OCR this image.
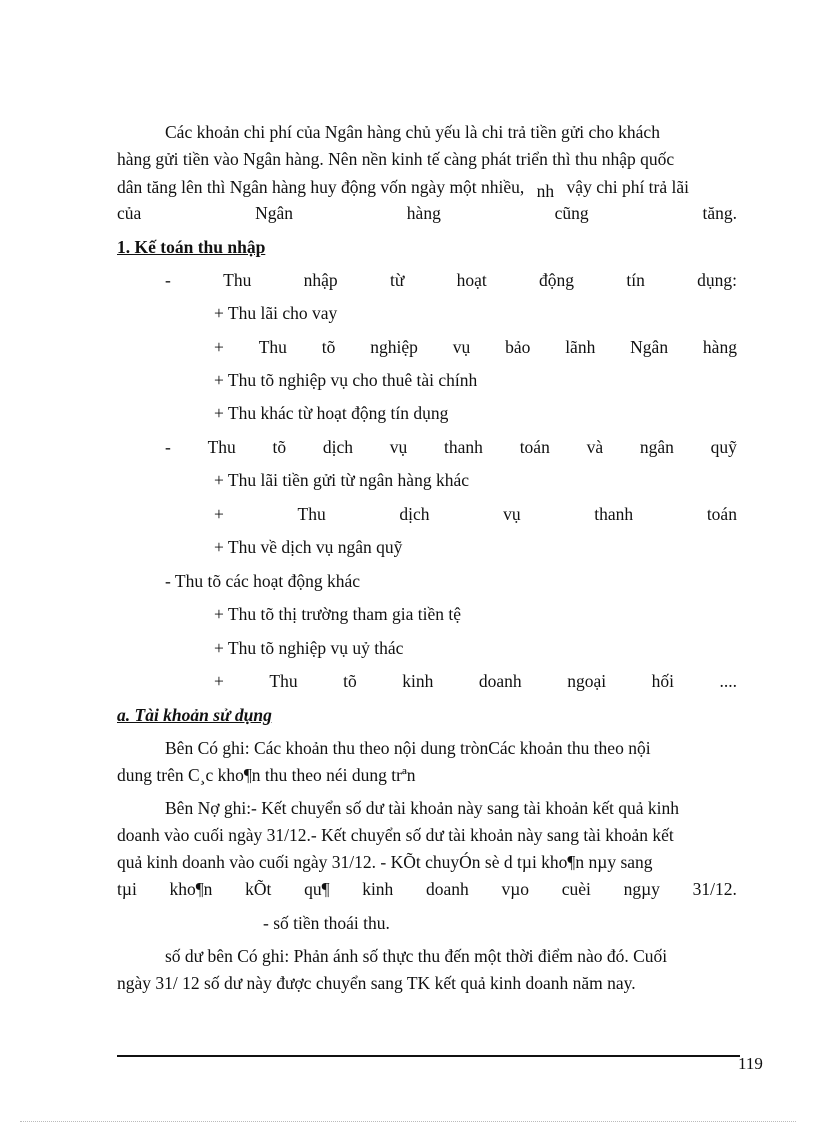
Các khoản chi phí của Ngân hàng chủ yếu là chi trả tiền gửi cho khách
hàng gửi tiền vào Ngân hàng. Nên nền kinh tế càng phát triển thì thu nhập quốc
dân tăng lên thì Ngân hàng huy động vốn ngày một nhiều, nh vậy chi phí trả lãi
của	Ngân	hàng	cũng	tăng.
1. Kế toán thu nhập
-	Thu	nhập	từ	hoạt	động	tín	dụng:
+ Thu lãi cho vay
+ Thu tõ nghiệp vụ bảo lãnh Ngân hàng
+ Thu tõ nghiệp vụ cho thuê tài chính
+ Thu khác từ hoạt động tín dụng
- Thu tõ dịch vụ thanh toán và ngân quỹ
+ Thu lãi tiền gửi từ ngân hàng khác
+	Thu	dịch	vụ	thanh	toán
+ Thu về dịch vụ ngân quỹ
- Thu tõ các hoạt động khác
+ Thu tõ thị trường tham gia tiền tệ
+ Thu tõ nghiệp vụ uỷ thác
+	Thu	tõ	kinh	doanh	ngoại	hối	....
a. Tài khoản sử dụng
Bên Có ghi: Các khoản thu theo nội dung trònCác khoản thu theo nội
dung trên C¸c kho¶n thu theo néi dung trªn
Bên Nợ ghi:- Kết chuyển số dư tài khoản này sang tài khoản kết quả kinh
doanh vào cuối ngày 31/12.- Kết chuyển số dư tài khoản này sang tài khoản kết
quả kinh doanh vào cuối ngày 31/12. - KÕt chuyÓn sè d tµi kho¶n nµy sang
tµi kho¶n kÕt qu¶ kinh doanh vµo cuèi ngµy 31/12.
- số tiền thoái thu.
số dư bên Có ghi: Phản ánh số thực thu đến một thời điểm nào đó. Cuối
ngày 31/ 12 số dư này được chuyển sang TK kết quả kinh doanh năm nay.
119
